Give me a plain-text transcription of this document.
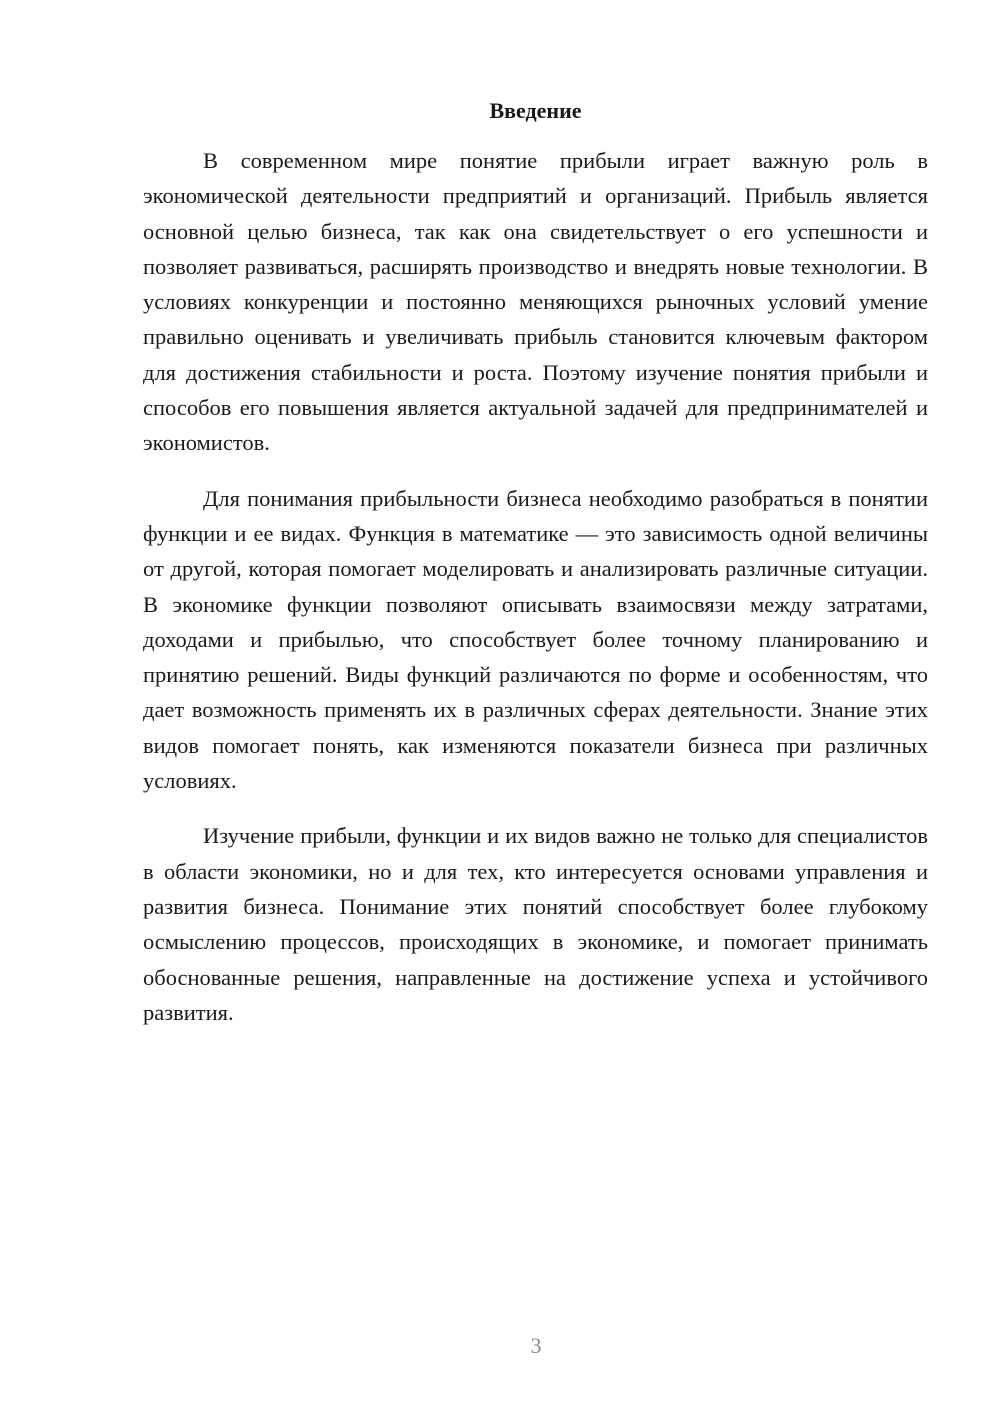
Введение

В современном мире понятие прибыли играет важную роль в экономической деятельности предприятий и организаций. Прибыль является основной целью бизнеса, так как она свидетельствует о его успешности и позволяет развиваться, расширять производство и внедрять новые технологии. В условиях конкуренции и постоянно меняющихся рыночных условий умение правильно оценивать и увеличивать прибыль становится ключевым фактором для достижения стабильности и роста. Поэтому изучение понятия прибыли и способов его повышения является актуальной задачей для предпринимателей и экономистов.

Для понимания прибыльности бизнеса необходимо разобраться в понятии функции и ее видах. Функция в математике — это зависимость одной величины от другой, которая помогает моделировать и анализировать различные ситуации. В экономике функции позволяют описывать взаимосвязи между затратами, доходами и прибылью, что способствует более точному планированию и принятию решений. Виды функций различаются по форме и особенностям, что дает возможность применять их в различных сферах деятельности. Знание этих видов помогает понять, как изменяются показатели бизнеса при различных условиях.

Изучение прибыли, функции и их видов важно не только для специалистов в области экономики, но и для тех, кто интересуется основами управления и развития бизнеса. Понимание этих понятий способствует более глубокому осмыслению процессов, происходящих в экономике, и помогает принимать обоснованные решения, направленные на достижение успеха и устойчивого развития.

3
